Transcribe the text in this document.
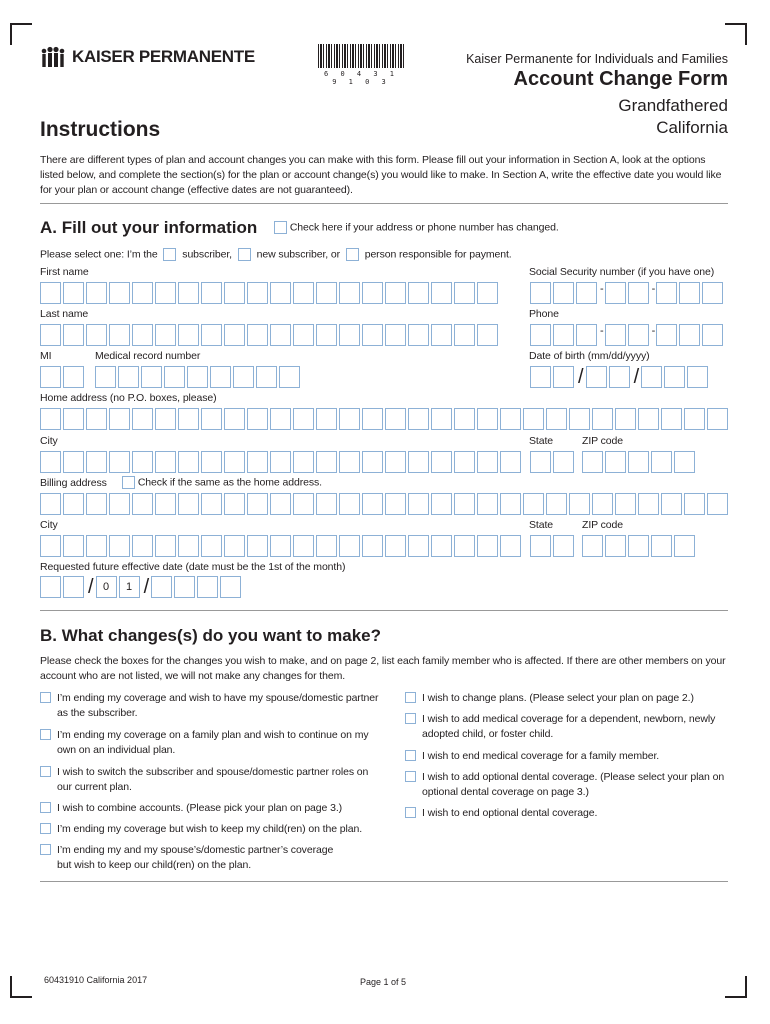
KAISER PERMANENTE
6 0 4 3 1 9 1 0 3
Kaiser Permanente for Individuals and Families
Account Change Form
Grandfathered
California
Instructions
There are different types of plan and account changes you can make with this form. Please fill out your information in Section A, look at the options listed below, and complete the section(s) for the plan or account change(s) you would like to make. In Section A, write the effective date you would like for your plan or account change (effective dates are not guaranteed).
A. Fill out your information	Check here if your address or phone number has changed.
Please select one: I’m the subscriber, new subscriber, or person responsible for payment.
First name	Social Security number (if you have one)
-	-
Last name	Phone
-	-
MI	Medical record number	Date of birth (mm/dd/yyyy)
/	/
Home address (no P.O. boxes, please)
City	State	ZIP code
Billing address	Check if the same as the home address.
City	State	ZIP code
Requested future effective date (date must be the 1st of the month)
/ 0	1 /
B. What changes(s) do you want to make?
Please check the boxes for the changes you wish to make, and on page 2, list each family member who is affected. If there are other members on your account who are not listed, we will not make any changes for them.
I’m ending my coverage and wish to have my spouse/domestic partner as the subscriber.
I’m ending my coverage on a family plan and wish to continue on my own on an individual plan.
I wish to switch the subscriber and spouse/domestic partner roles on our current plan.
I wish to combine accounts. (Please pick your plan on page 3.)
I’m ending my coverage but wish to keep my child(ren) on the plan.
I’m ending my and my spouse’s/domestic partner’s coverage but wish to keep our child(ren) on the plan.
I wish to change plans. (Please select your plan on page 2.)
I wish to add medical coverage for a dependent, newborn, newly adopted child, or foster child.
I wish to end medical coverage for a family member.
I wish to add optional dental coverage. (Please select your plan on optional dental coverage on page 3.)
I wish to end optional dental coverage.
60431910 California 2017	Page 1 of 5
